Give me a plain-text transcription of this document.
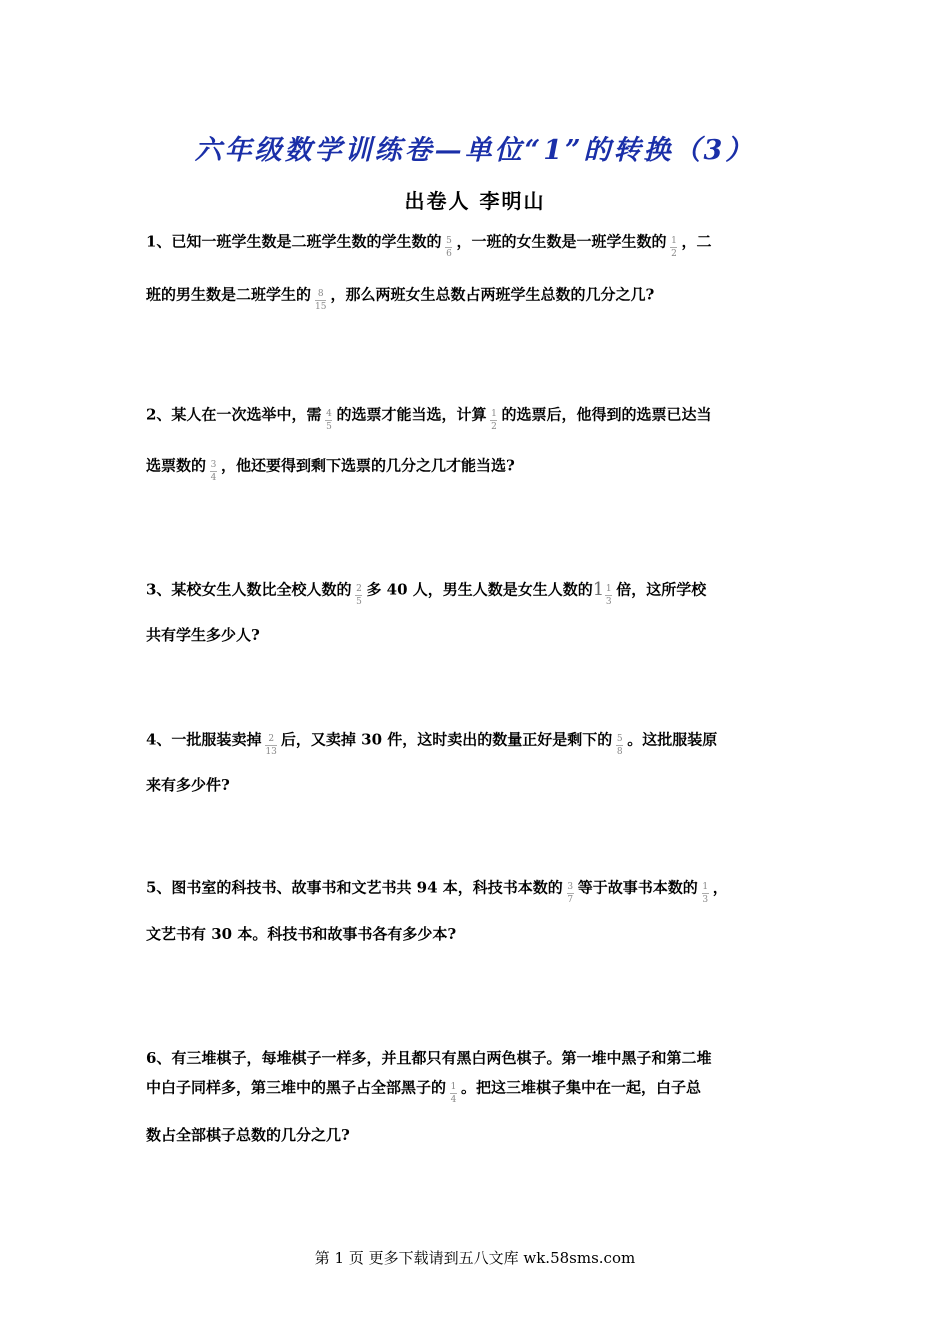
六年级数学训练卷—单位“1”的转换（3）
出卷人 李明山
1、已知一班学生数是二班学生数的学生数的 $\frac{5}{6}$ ，一班的女生数是一班学生数的 $\frac{1}{2}$ ，二
班的男生数是二班学生的 $\frac{8}{15}$ ，那么两班女生总数占两班学生总数的几分之几?
2、某人在一次选举中，需 $\frac{4}{5}$ 的选票才能当选，计算 $\frac{1}{2}$ 的选票后，他得到的选票已达当
选票数的 $\frac{3}{4}$ ，他还要得到剩下选票的几分之几才能当选?
3、某校女生人数比全校人数的 $\frac{2}{5}$ 多 40 人，男生人数是女生人数的 $1 \frac{1}{3}$ 倍，这所学校
共有学生多少人?
4、一批服装卖掉 $\frac{2}{13}$ 后，又卖掉 30 件，这时卖出的数量正好是剩下的 $\frac{5}{8}$ 。这批服装原
来有多少件?
5、图书室的科技书、故事书和文艺书共 94 本，科技书本数的 $\frac{3}{7}$ 等于故事书本数的 $\frac{1}{3}$ ，
文艺书有 30 本。科技书和故事书各有多少本?
6、有三堆棋子，每堆棋子一样多，并且都只有黑白两色棋子。第一堆中黑子和第二堆
中白子同样多，第三堆中的黑子占全部黑子的 $\frac{1}{4}$ 。把这三堆棋子集中在一起，白子总
数占全部棋子总数的几分之几?
第 1 页 更多下载请到五八文库 wk.58sms.com
